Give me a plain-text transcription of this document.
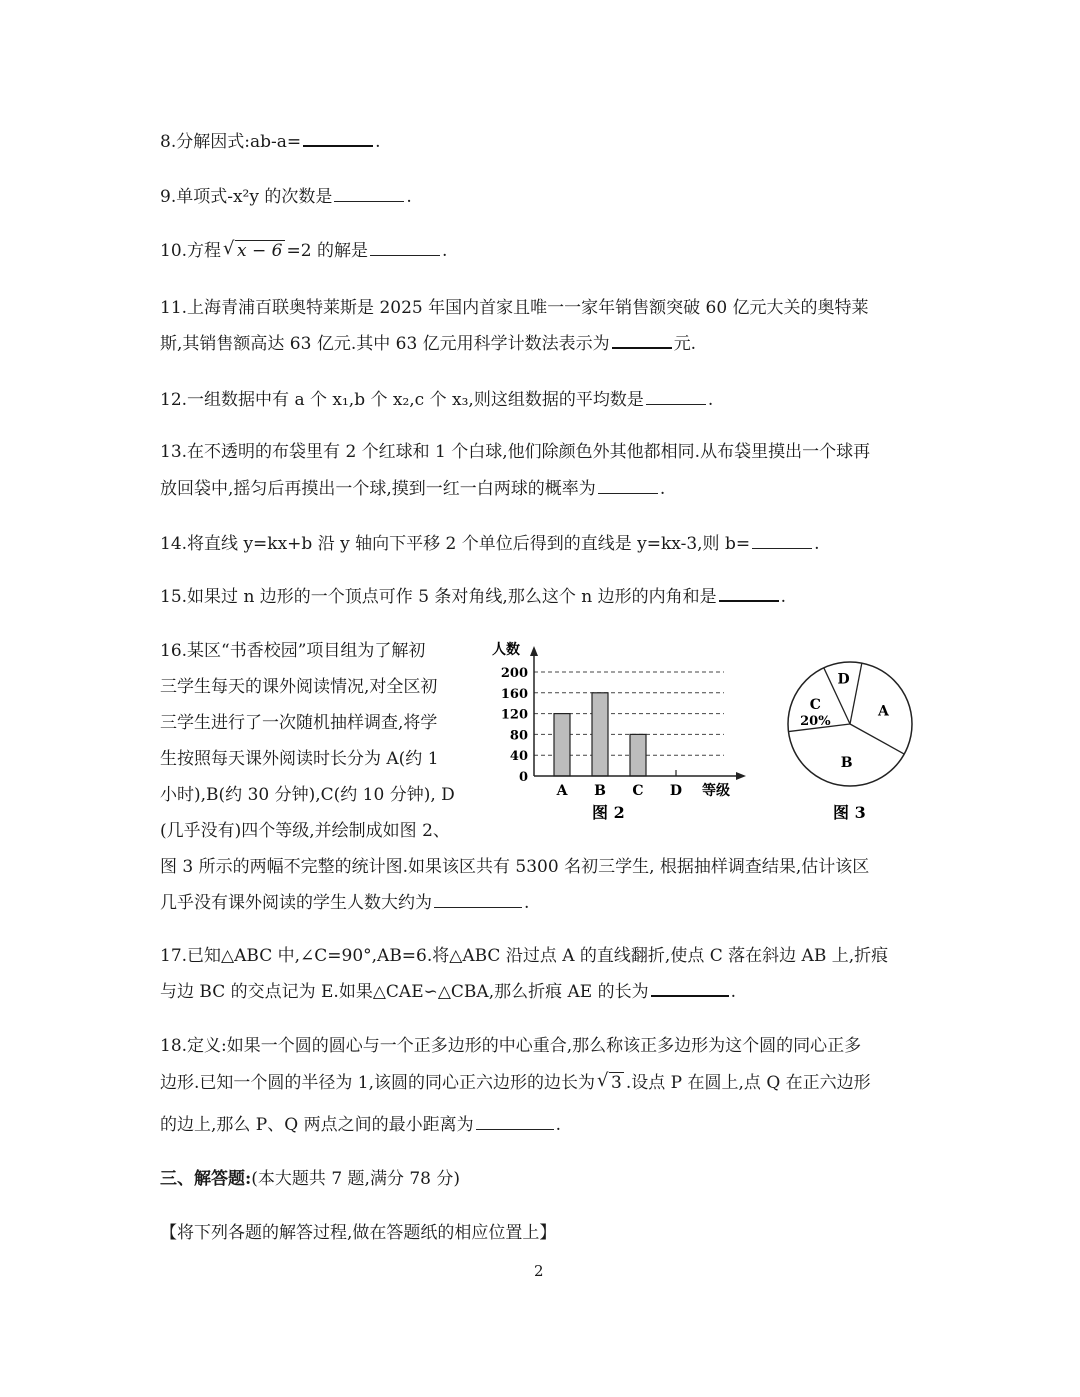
8.分解因式:ab-a=	.
9.单项式-x²y 的次数是	.
10.方程 √ x − 6 =2 的解是	.
11.上海青浦百联奥特莱斯是 2025 年国内首家且唯一一家年销售额突破 60 亿元大关的奥特莱
斯,其销售额高达 63 亿元.其中 63 亿元用科学计数法表示为	元.
12.一组数据中有 a 个 x₁,b 个 x₂,c 个 x₃,则这组数据的平均数是	.
13.在不透明的布袋里有 2 个红球和 1 个白球,他们除颜色外其他都相同.从布袋里摸出一个球再
放回袋中,摇匀后再摸出一个球,摸到一红一白两球的概率为	.
14.将直线 y=kx+b 沿 y 轴向下平移 2 个单位后得到的直线是 y=kx-3,则 b=	.
15.如果过 n 边形的一个顶点可作 5 条对角线,那么这个 n 边形的内角和是	.
16.某区“书香校园”项目组为了解初
三学生每天的课外阅读情况,对全区初
三学生进行了一次随机抽样调查,将学
生按照每天课外阅读时长分为 A(约 1
小时),B(约 30 分钟),C(约 10 分钟), D
(几乎没有)四个等级,并绘制成如图 2、
图 3 所示的两幅不完整的统计图.如果该区共有 5300 名初三学生, 根据抽样调查结果,估计该区
几乎没有课外阅读的学生人数大约为	.
0
40
80
120
160
200
A B C D
人数
等级
图 2
A
B
C
20%
D
图 3
17.已知△ABC 中,∠C=90°,AB=6.将△ABC 沿过点 A 的直线翻折,使点 C 落在斜边 AB 上,折痕
与边 BC 的交点记为 E.如果△CAE∽△CBA,那么折痕 AE 的长为	.
18.定义:如果一个圆的圆心与一个正多边形的中心重合,那么称该正多边形为这个圆的同心正多
边形.已知一个圆的半径为 1,该圆的同心正六边形的边长为 √ 3 .设点 P 在圆上,点 Q 在正六边形
的边上,那么 P、Q 两点之间的最小距离为	.
三、解答题:(本大题共 7 题,满分 78 分)
【将下列各题的解答过程,做在答题纸的相应位置上】
2
